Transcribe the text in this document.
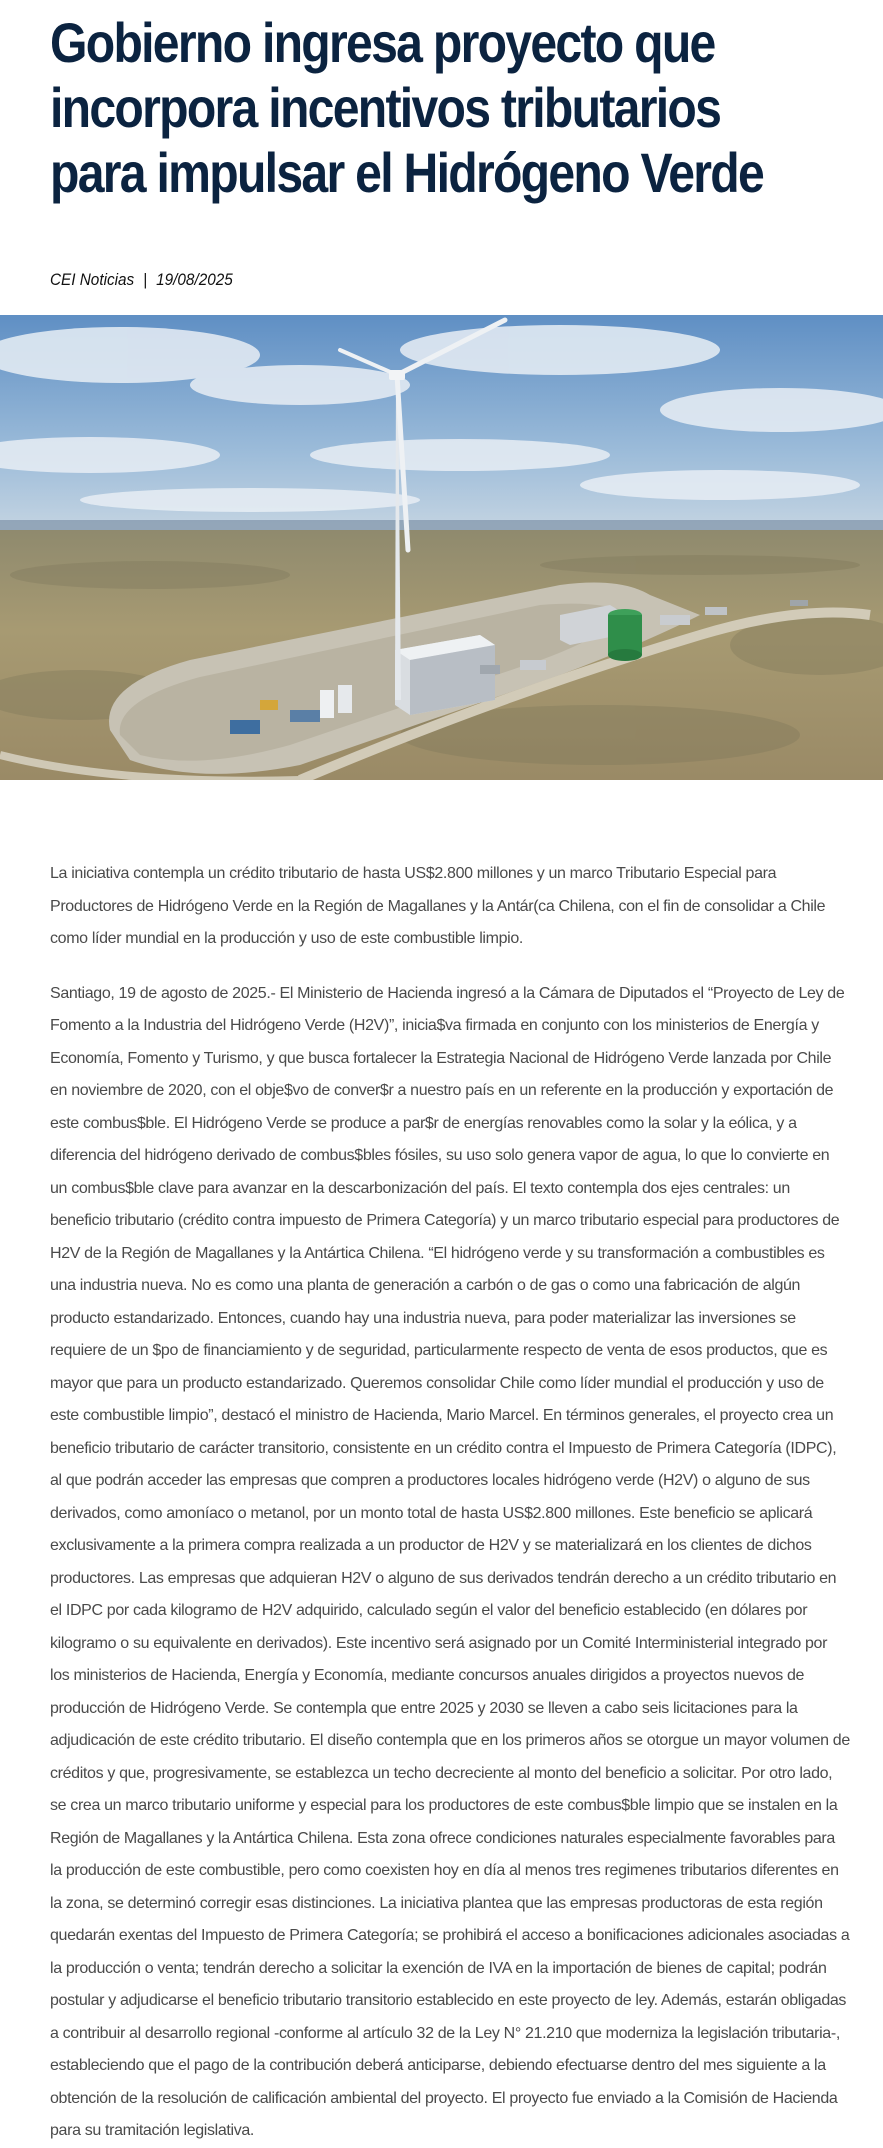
Gobierno ingresa proyecto que
incorpora incentivos tributarios
para impulsar el Hidrógeno Verde
CEI Noticias | 19/08/2025

La iniciativa contempla un crédito tributario de hasta US$2.800 millones y un marco Tributario Especial para Productores de Hidrógeno Verde en la Región de Magallanes y la Antár(ca Chilena, con el fin de consolidar a Chile como líder mundial en la producción y uso de este combustible limpio.

Santiago, 19 de agosto de 2025.- El Ministerio de Hacienda ingresó a la Cámara de Diputados el “Proyecto de Ley de Fomento a la Industria del Hidrógeno Verde (H2V)”, inicia$va firmada en conjunto con los ministerios de Energía y Economía, Fomento y Turismo, y que busca fortalecer la Estrategia Nacional de Hidrógeno Verde lanzada por Chile en noviembre de 2020, con el obje$vo de conver$r a nuestro país en un referente en la producción y exportación de este combus$ble. El Hidrógeno Verde se produce a par$r de energías renovables como la solar y la eólica, y a diferencia del hidrógeno derivado de combus$bles fósiles, su uso solo genera vapor de agua, lo que lo convierte en un combus$ble clave para avanzar en la descarbonización del país. El texto contempla dos ejes centrales: un beneficio tributario (crédito contra impuesto de Primera Categoría) y un marco tributario especial para productores de H2V de la Región de Magallanes y la Antártica Chilena. “El hidrógeno verde y su transformación a combustibles es una industria nueva. No es como una planta de generación a carbón o de gas o como una fabricación de algún producto estandarizado. Entonces, cuando hay una industria nueva, para poder materializar las inversiones se requiere de un $po de financiamiento y de seguridad, particularmente respecto de venta de esos productos, que es mayor que para un producto estandarizado. Queremos consolidar Chile como líder mundial el producción y uso de este combustible limpio”, destacó el ministro de Hacienda, Mario Marcel. En términos generales, el proyecto crea un beneficio tributario de carácter transitorio, consistente en un crédito contra el Impuesto de Primera Categoría (IDPC), al que podrán acceder las empresas que compren a productores locales hidrógeno verde (H2V) o alguno de sus derivados, como amoníaco o metanol, por un monto total de hasta US$2.800 millones. Este beneficio se aplicará exclusivamente a la primera compra realizada a un productor de H2V y se materializará en los clientes de dichos productores. Las empresas que adquieran H2V o alguno de sus derivados tendrán derecho a un crédito tributario en el IDPC por cada kilogramo de H2V adquirido, calculado según el valor del beneficio establecido (en dólares por kilogramo o su equivalente en derivados). Este incentivo será asignado por un Comité Interministerial integrado por los ministerios de Hacienda, Energía y Economía, mediante concursos anuales dirigidos a proyectos nuevos de producción de Hidrógeno Verde. Se contempla que entre 2025 y 2030 se lleven a cabo seis licitaciones para la adjudicación de este crédito tributario. El diseño contempla que en los primeros años se otorgue un mayor volumen de créditos y que, progresivamente, se establezca un techo decreciente al monto del beneficio a solicitar. Por otro lado, se crea un marco tributario uniforme y especial para los productores de este combus$ble limpio que se instalen en la Región de Magallanes y la Antártica Chilena. Esta zona ofrece condiciones naturales especialmente favorables para la producción de este combustible, pero como coexisten hoy en día al menos tres regimenes tributarios diferentes en la zona, se determinó corregir esas distinciones. La iniciativa plantea que las empresas productoras de esta región quedarán exentas del Impuesto de Primera Categoría; se prohibirá el acceso a bonificaciones adicionales asociadas a la producción o venta; tendrán derecho a solicitar la exención de IVA en la importación de bienes de capital; podrán postular y adjudicarse el beneficio tributario transitorio establecido en este proyecto de ley. Además, estarán obligadas a contribuir al desarrollo regional -conforme al artículo 32 de la Ley N° 21.210 que moderniza la legislación tributaria-, estableciendo que el pago de la contribución deberá anticiparse, debiendo efectuarse dentro del mes siguiente a la obtención de la resolución de calificación ambiental del proyecto. El proyecto fue enviado a la Comisión de Hacienda para su tramitación legislativa.
